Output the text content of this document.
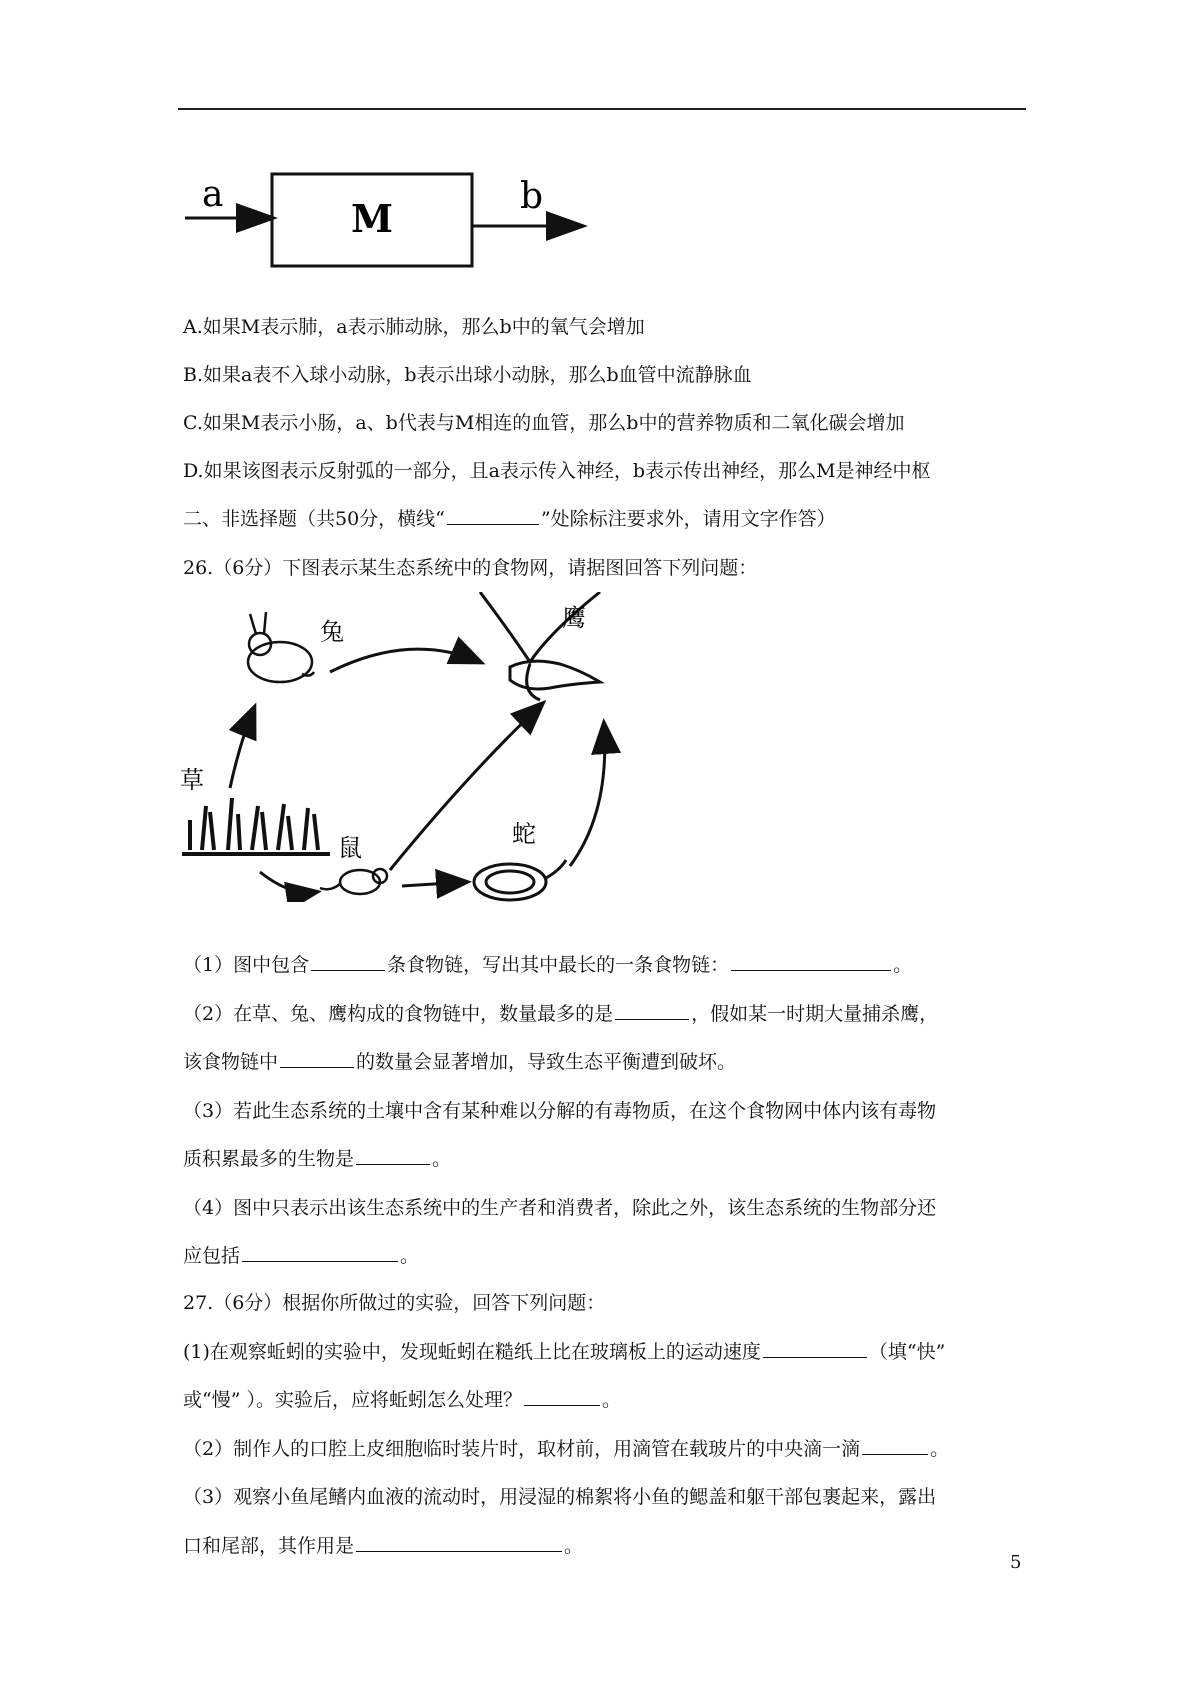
a
M	b
A.如果M表示肺，a表示肺动脉，那么b中的氧气会增加
B.如果a表不入球小动脉，b表示出球小动脉，那么b血管中流静脉血
C.如果M表示小肠，a、b代表与M相连的血管，那么b中的营养物质和二氧化碳会增加
D.如果该图表示反射弧的一部分，且a表示传入神经，b表示传出神经，那么M是神经中枢
二、非选择题（共50分，横线“	”处除标注要求外，请用文字作答）
26.（6分）下图表示某生态系统中的食物网，请据图回答下列问题：
兔	鹰
草
鼠	蛇
（1）图中包含	条食物链，写出其中最长的一条食物链：	。
（2）在草、兔、鹰构成的食物链中，数量最多的是	，假如某一时期大量捕杀鹰，
该食物链中	的数量会显著增加，导致生态平衡遭到破坏。
（3）若此生态系统的土壤中含有某种难以分解的有毒物质，在这个食物网中体内该有毒物
质积累最多的生物是	。
（4）图中只表示出该生态系统中的生产者和消费者，除此之外，该生态系统的生物部分还
应包括	。
27.（6分）根据你所做过的实验，回答下列问题：
(1)在观察蚯蚓的实验中，发现蚯蚓在糙纸上比在玻璃板上的运动速度	（填“快”
或“慢” ）。实验后，应将蚯蚓怎么处理？	。
（2）制作人的口腔上皮细胞临时装片时，取材前，用滴管在载玻片的中央滴一滴	。
（3）观察小鱼尾鳍内血液的流动时，用浸湿的棉絮将小鱼的鳃盖和躯干部包裹起来，露出
口和尾部，其作用是	。
5
